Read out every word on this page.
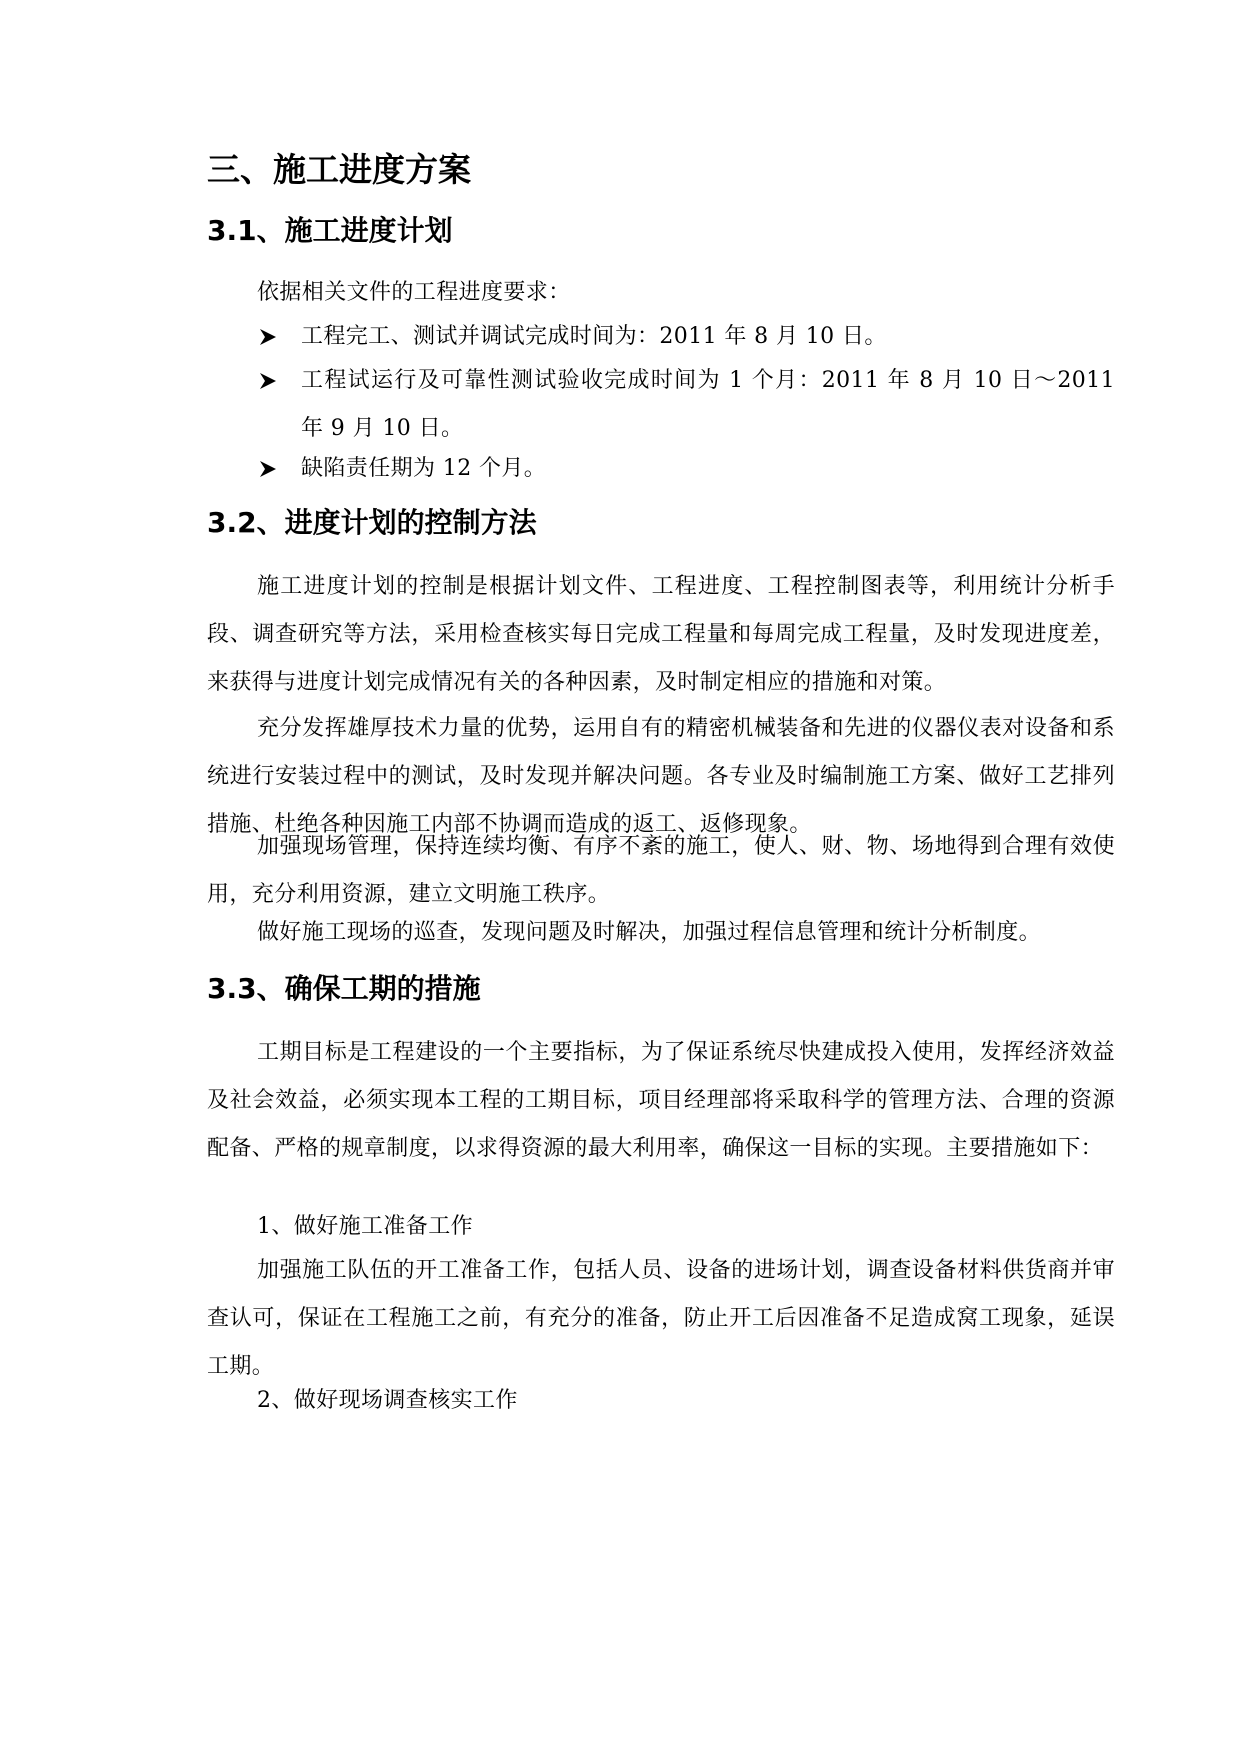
三、施工进度方案
3.1、施工进度计划
依据相关文件的工程进度要求：
工程完工、测试并调试完成时间为：2011 年 8 月 10 日。
工程试运行及可靠性测试验收完成时间为 1 个月：2011 年 8 月 10 日～2011 年 9 月 10 日。
缺陷责任期为 12 个月。
3.2、进度计划的控制方法
施工进度计划的控制是根据计划文件、工程进度、工程控制图表等，利用统计分析手段、调查研究等方法，采用检查核实每日完成工程量和每周完成工程量，及时发现进度差，来获得与进度计划完成情况有关的各种因素，及时制定相应的措施和对策。
充分发挥雄厚技术力量的优势，运用自有的精密机械装备和先进的仪器仪表对设备和系统进行安装过程中的测试，及时发现并解决问题。各专业及时编制施工方案、做好工艺排列措施、杜绝各种因施工内部不协调而造成的返工、返修现象。
加强现场管理，保持连续均衡、有序不紊的施工，使人、财、物、场地得到合理有效使用，充分利用资源，建立文明施工秩序。
做好施工现场的巡查，发现问题及时解决，加强过程信息管理和统计分析制度。
3.3、确保工期的措施
工期目标是工程建设的一个主要指标，为了保证系统尽快建成投入使用，发挥经济效益及社会效益，必须实现本工程的工期目标，项目经理部将采取科学的管理方法、合理的资源配备、严格的规章制度，以求得资源的最大利用率，确保这一目标的实现。主要措施如下：
1、做好施工准备工作
加强施工队伍的开工准备工作，包括人员、设备的进场计划，调查设备材料供货商并审查认可，保证在工程施工之前，有充分的准备，防止开工后因准备不足造成窝工现象，延误工期。
2、做好现场调查核实工作
